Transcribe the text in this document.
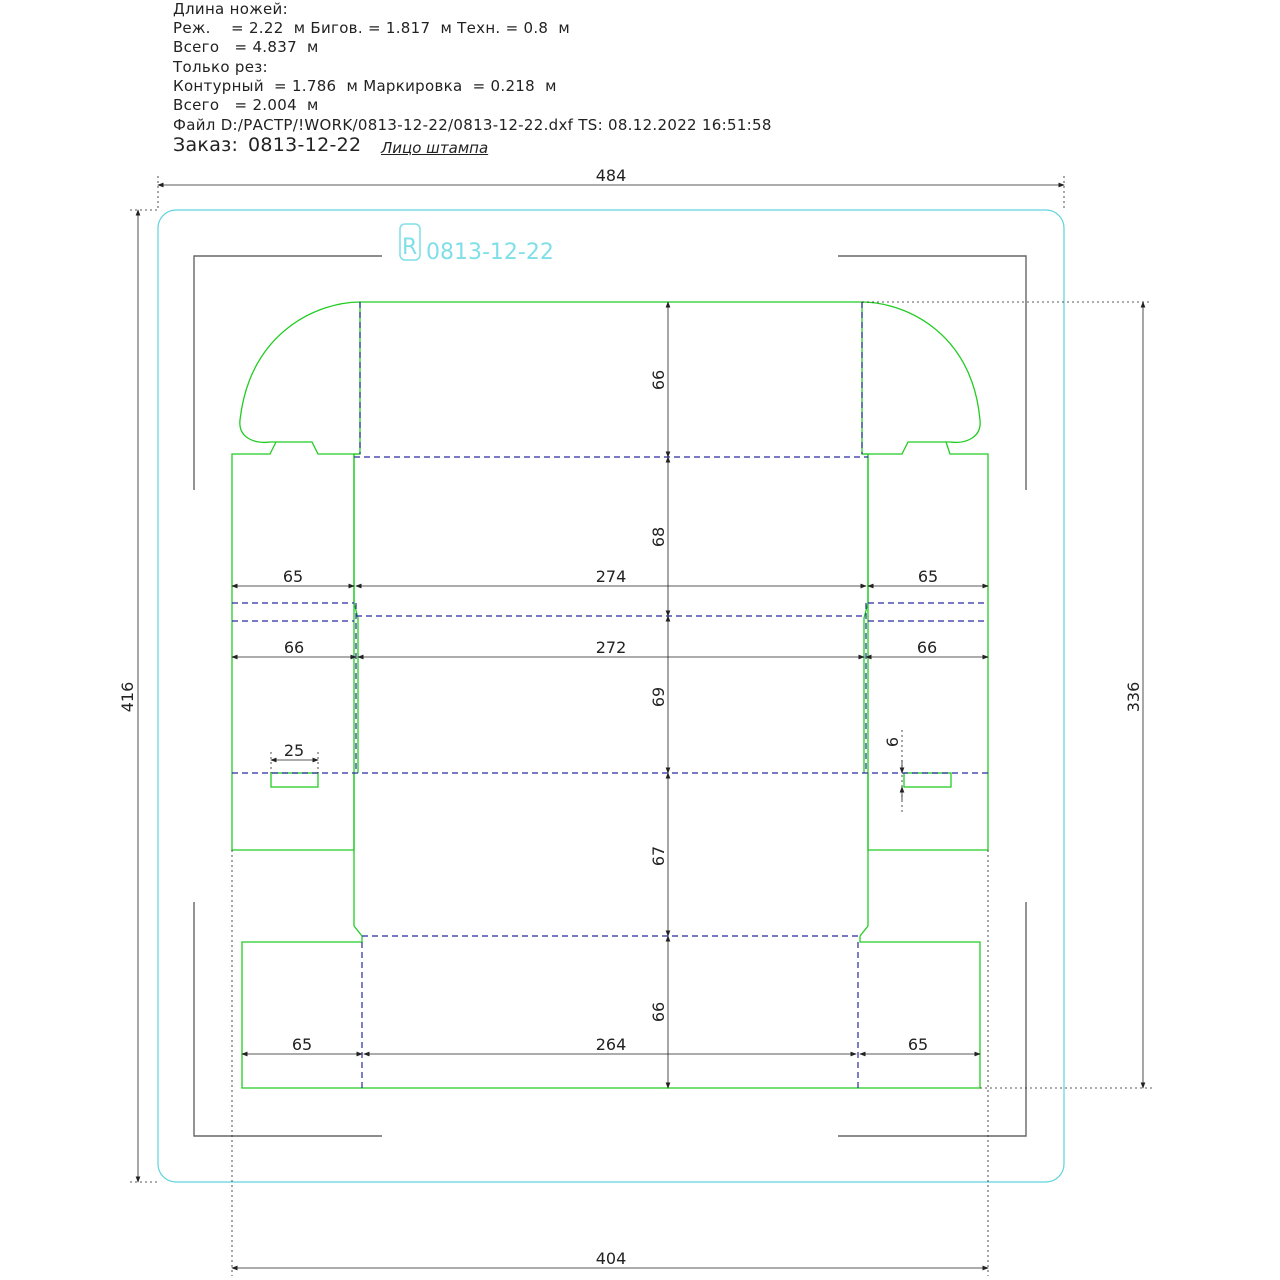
Длина ножей:
Реж.    = 2.22  м Бигов. = 1.817  м Техн. = 0.8  м
Всего   = 4.837  м
Только рез:
Контурный  = 1.786  м Маркировка  = 0.218  м
Всего   = 2.004  м
Файл D:/РАСТР/!WORK/0813-12-22/0813-12-22.dxf TS: 08.12.2022 16:51:58
Заказ: 0813-12-22 Лицо штампа
R 0813-12-22
484
416	336
404
65	274	65
66	272	66
65	264	65
66
68
69
67
66
25	6
